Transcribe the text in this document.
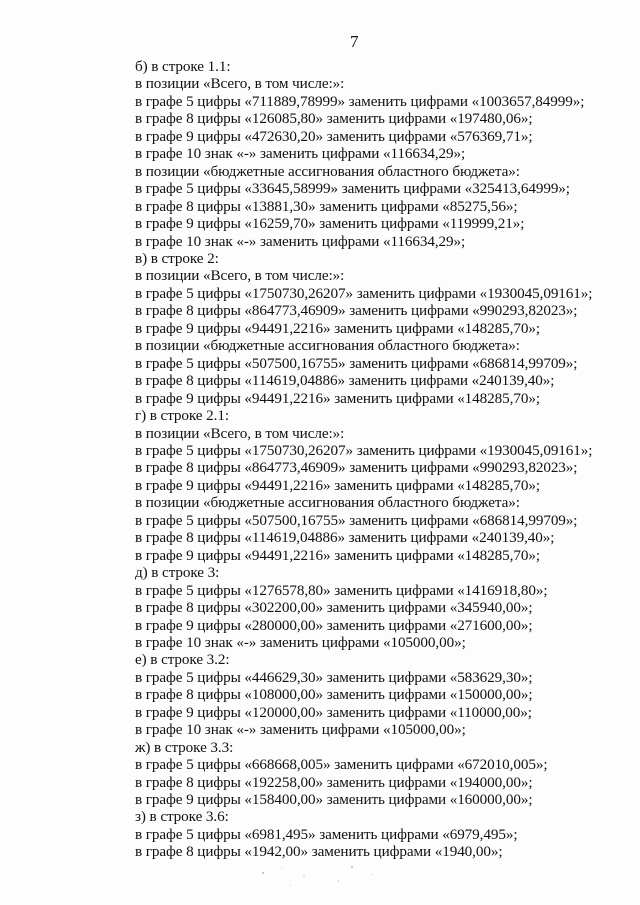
7
б) в строке 1.1:
в позиции «Всего, в том числе:»:
в графе 5 цифры «711889,78999» заменить цифрами «1003657,84999»;
в графе 8 цифры «126085,80» заменить цифрами «197480,06»;
в графе 9 цифры «472630,20» заменить цифрами «576369,71»;
в графе 10 знак «-» заменить цифрами «116634,29»;
в позиции «бюджетные ассигнования областного бюджета»:
в графе 5 цифры «33645,58999» заменить цифрами «325413,64999»;
в графе 8 цифры «13881,30» заменить цифрами «85275,56»;
в графе 9 цифры «16259,70» заменить цифрами «119999,21»;
в графе 10 знак «-» заменить цифрами «116634,29»;
в) в строке 2:
в позиции «Всего, в том числе:»:
в графе 5 цифры «1750730,26207» заменить цифрами «1930045,09161»;
в графе 8 цифры «864773,46909» заменить цифрами «990293,82023»;
в графе 9 цифры «94491,2216» заменить цифрами «148285,70»;
в позиции «бюджетные ассигнования областного бюджета»:
в графе 5 цифры «507500,16755» заменить цифрами «686814,99709»;
в графе 8 цифры «114619,04886» заменить цифрами «240139,40»;
в графе 9 цифры «94491,2216» заменить цифрами «148285,70»;
г) в строке 2.1:
в позиции «Всего, в том числе:»:
в графе 5 цифры «1750730,26207» заменить цифрами «1930045,09161»;
в графе 8 цифры «864773,46909» заменить цифрами «990293,82023»;
в графе 9 цифры «94491,2216» заменить цифрами «148285,70»;
в позиции «бюджетные ассигнования областного бюджета»:
в графе 5 цифры «507500,16755» заменить цифрами «686814,99709»;
в графе 8 цифры «114619,04886» заменить цифрами «240139,40»;
в графе 9 цифры «94491,2216» заменить цифрами «148285,70»;
д) в строке 3:
в графе 5 цифры «1276578,80» заменить цифрами «1416918,80»;
в графе 8 цифры «302200,00» заменить цифрами «345940,00»;
в графе 9 цифры «280000,00» заменить цифрами «271600,00»;
в графе 10 знак «-» заменить цифрами «105000,00»;
е) в строке 3.2:
в графе 5 цифры «446629,30» заменить цифрами «583629,30»;
в графе 8 цифры «108000,00» заменить цифрами «150000,00»;
в графе 9 цифры «120000,00» заменить цифрами «110000,00»;
в графе 10 знак «-» заменить цифрами «105000,00»;
ж) в строке 3.3:
в графе 5 цифры «668668,005» заменить цифрами «672010,005»;
в графе 8 цифры «192258,00» заменить цифрами «194000,00»;
в графе 9 цифры «158400,00» заменить цифрами «160000,00»;
з) в строке 3.6:
в графе 5 цифры «6981,495» заменить цифрами «6979,495»;
в графе 8 цифры «1942,00» заменить цифрами «1940,00»;
